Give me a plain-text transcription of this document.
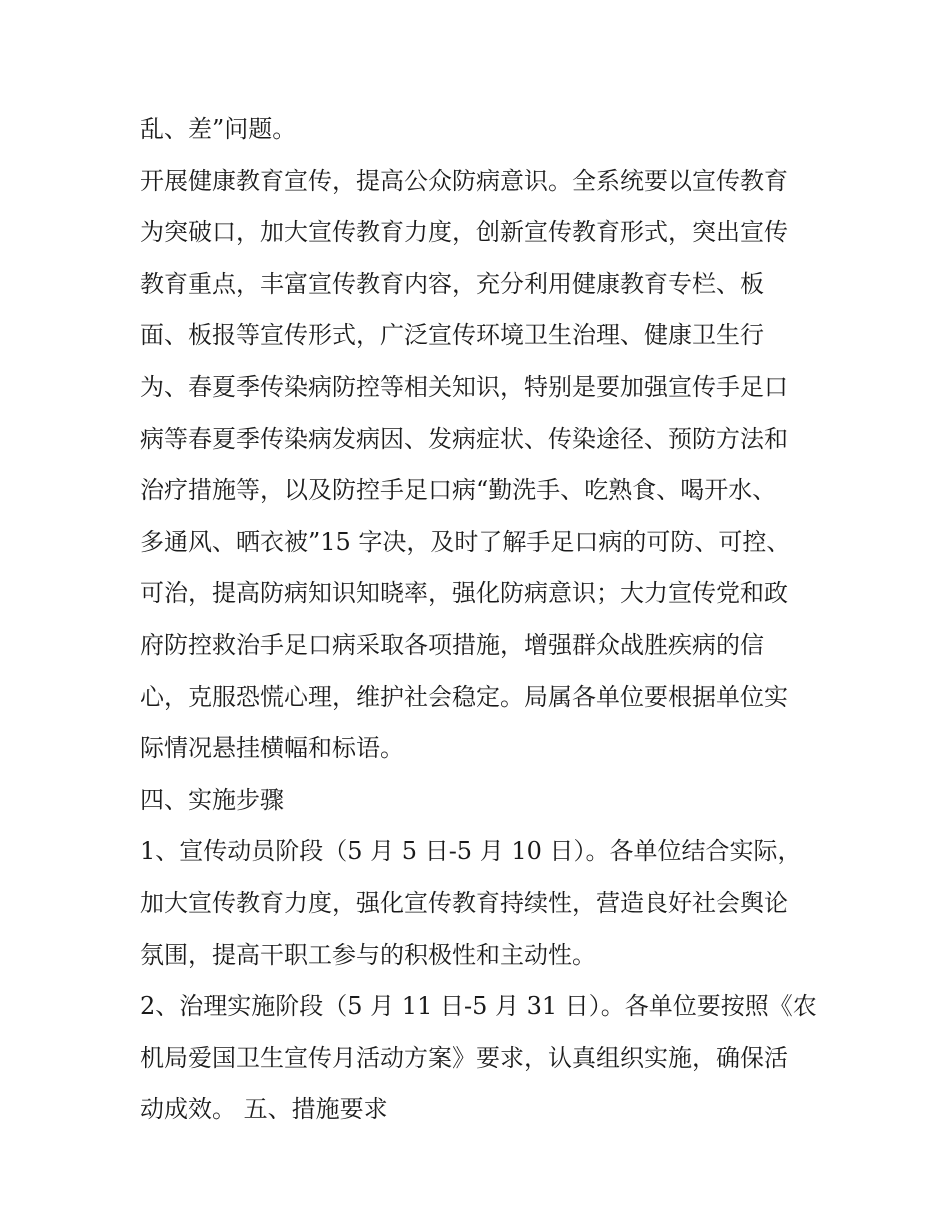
乱、差”问题。
开展健康教育宣传，提高公众防病意识。全系统要以宣传教育
为突破口，加大宣传教育力度，创新宣传教育形式，突出宣传
教育重点，丰富宣传教育内容，充分利用健康教育专栏、板
面、板报等宣传形式，广泛宣传环境卫生治理、健康卫生行
为、春夏季传染病防控等相关知识，特别是要加强宣传手足口
病等春夏季传染病发病因、发病症状、传染途径、预防方法和
治疗措施等，以及防控手足口病“勤洗手、吃熟食、喝开水、
多通风、晒衣被”15 字决，及时了解手足口病的可防、可控、
可治，提高防病知识知晓率，强化防病意识；大力宣传党和政
府防控救治手足口病采取各项措施，增强群众战胜疾病的信
心，克服恐慌心理，维护社会稳定。局属各单位要根据单位实
际情况悬挂横幅和标语。
四、实施步骤
1、宣传动员阶段（5 月 5 日-5 月 10 日）。各单位结合实际，
加大宣传教育力度，强化宣传教育持续性，营造良好社会舆论
氛围，提高干职工参与的积极性和主动性。
2、治理实施阶段（5 月 11 日-5 月 31 日）。各单位要按照《农
机局爱国卫生宣传月活动方案》要求，认真组织实施，确保活
动成效。 五、措施要求
